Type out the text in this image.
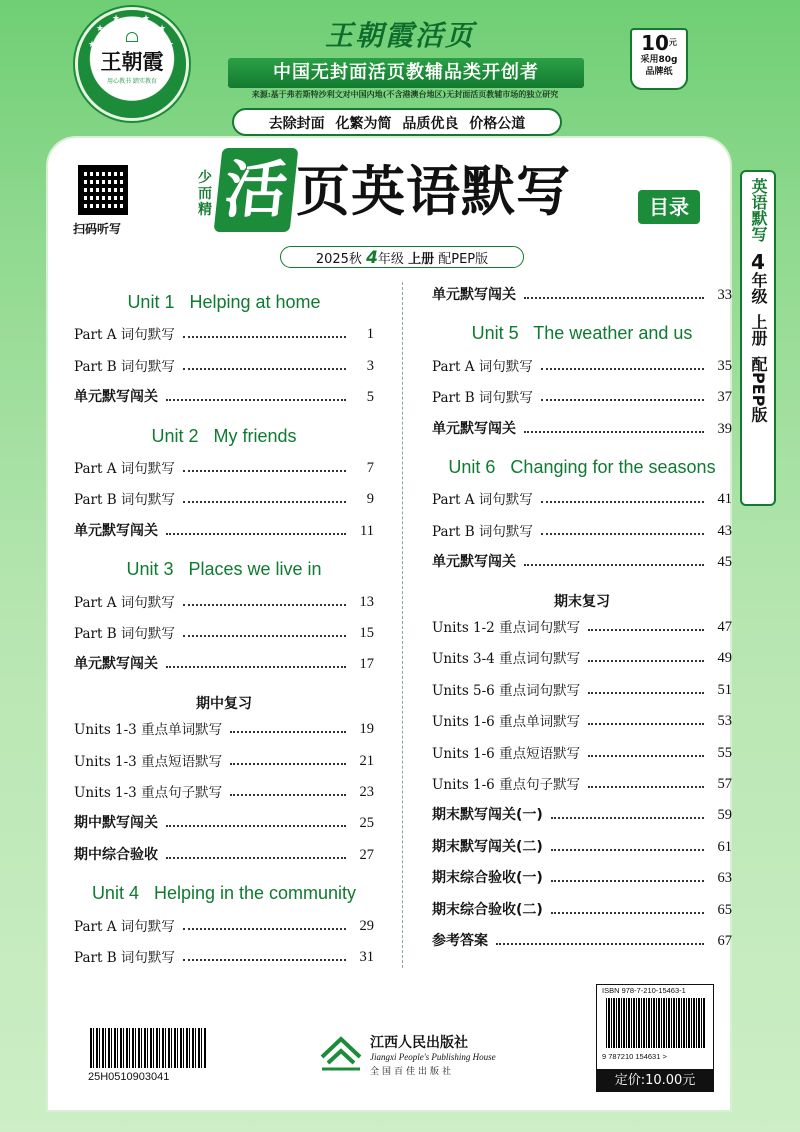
★
★
★ ★
★
★
王朝霞
用心教书 踏实教育
王朝霞活页
中国无封面活页教辅品类开创者
来源:基于弗若斯特沙利文对中国内地(不含港澳台地区)无封面活页教辅市场的独立研究
$10^元$
采用80g
品牌纸
去除封面 化繁为简 品质优良 价格公道
扫码听写
少而精 活 页英语默写	目录
2025秋 4年级 上册 配PEP版
英语默写
4
年级
上册
配PEP版
Unit 1   Helping at home
Part A 词句默写	1
Part B 词句默写	3
单元默写闯关	5
Unit 2   My friends
Part A 词句默写	7
Part B 词句默写	9
单元默写闯关	11
Unit 3   Places we live in
Part A 词句默写	13
Part B 词句默写	15
单元默写闯关	17
期中复习
Units 1-3 重点单词默写	19
Units 1-3 重点短语默写	21
Units 1-3 重点句子默写	23
期中默写闯关	25
期中综合验收	27
Unit 4   Helping in the community
Part A 词句默写	29
Part B 词句默写	31
单元默写闯关	33
Unit 5   The weather and us
Part A 词句默写	35
Part B 词句默写	37
单元默写闯关	39
Unit 6   Changing for the seasons
Part A 词句默写	41
Part B 词句默写	43
单元默写闯关	45
期末复习
Units 1-2 重点词句默写	47
Units 3-4 重点词句默写	49
Units 5-6 重点词句默写	51
Units 1-6 重点单词默写	53
Units 1-6 重点短语默写	55
Units 1-6 重点句子默写	57
期末默写闯关(一)	59
期末默写闯关(二)	61
期末综合验收(一)	63
期末综合验收(二)	65
参考答案	67
25H0510903041
江西人民出版社
Jiangxi People's Publishing House
全国百佳出版社
ISBN 978-7-210-15463-1
9 787210 154631 >
定价:10.00元
